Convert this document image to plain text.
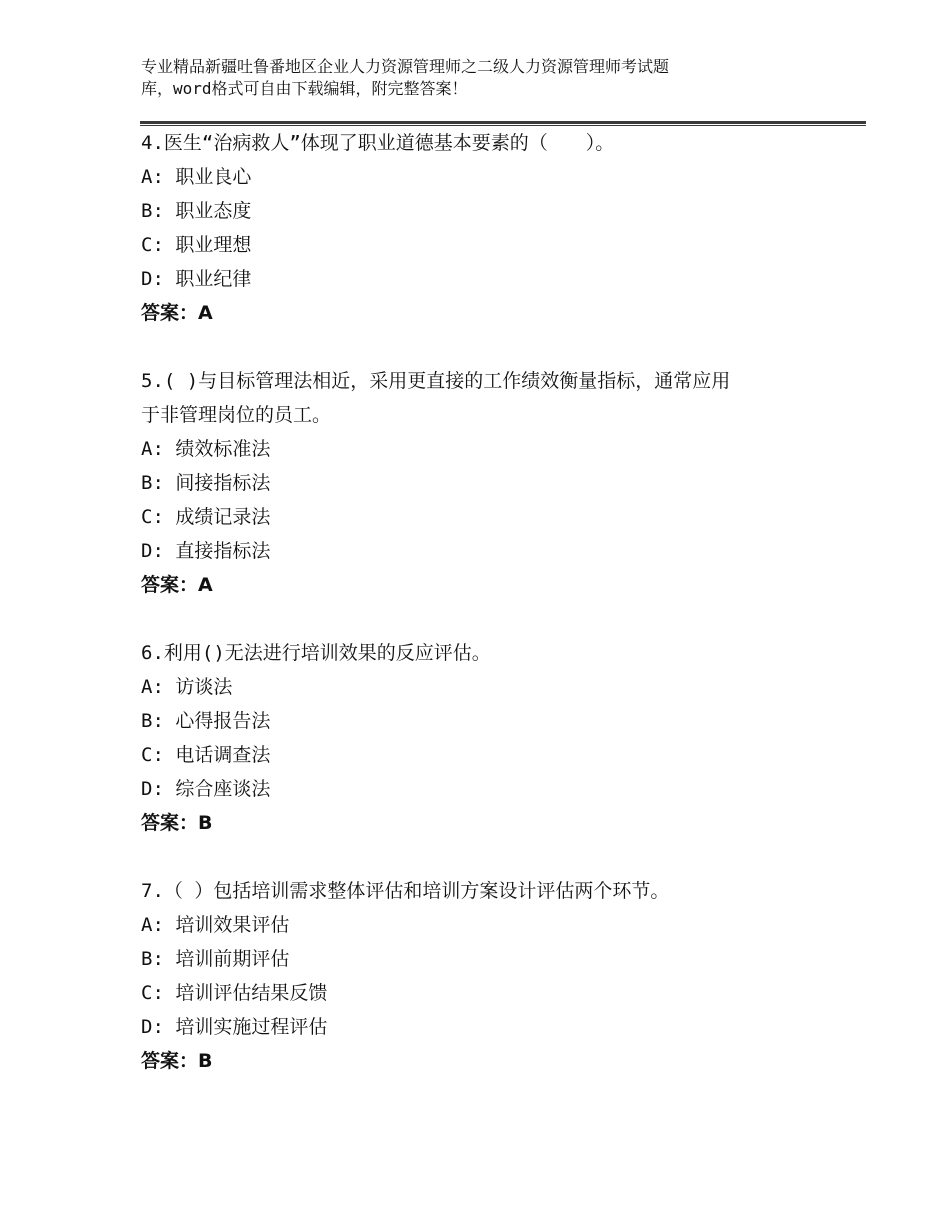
专业精品新疆吐鲁番地区企业人力资源管理师之二级人力资源管理师考试题
库，word格式可自由下载编辑，附完整答案！
4.医生“治病救人”体现了职业道德基本要素的（　　）。
A: 职业良心
B: 职业态度
C: 职业理想
D: 职业纪律
答案：A
5.( )与目标管理法相近，采用更直接的工作绩效衡量指标，通常应用
于非管理岗位的员工。
A: 绩效标准法
B: 间接指标法
C: 成绩记录法
D: 直接指标法
答案：A
6.利用()无法进行培训效果的反应评估。
A: 访谈法
B: 心得报告法
C: 电话调查法
D: 综合座谈法
答案：B
7.（ ）包括培训需求整体评估和培训方案设计评估两个环节。
A: 培训效果评估
B: 培训前期评估
C: 培训评估结果反馈
D: 培训实施过程评估
答案：B
